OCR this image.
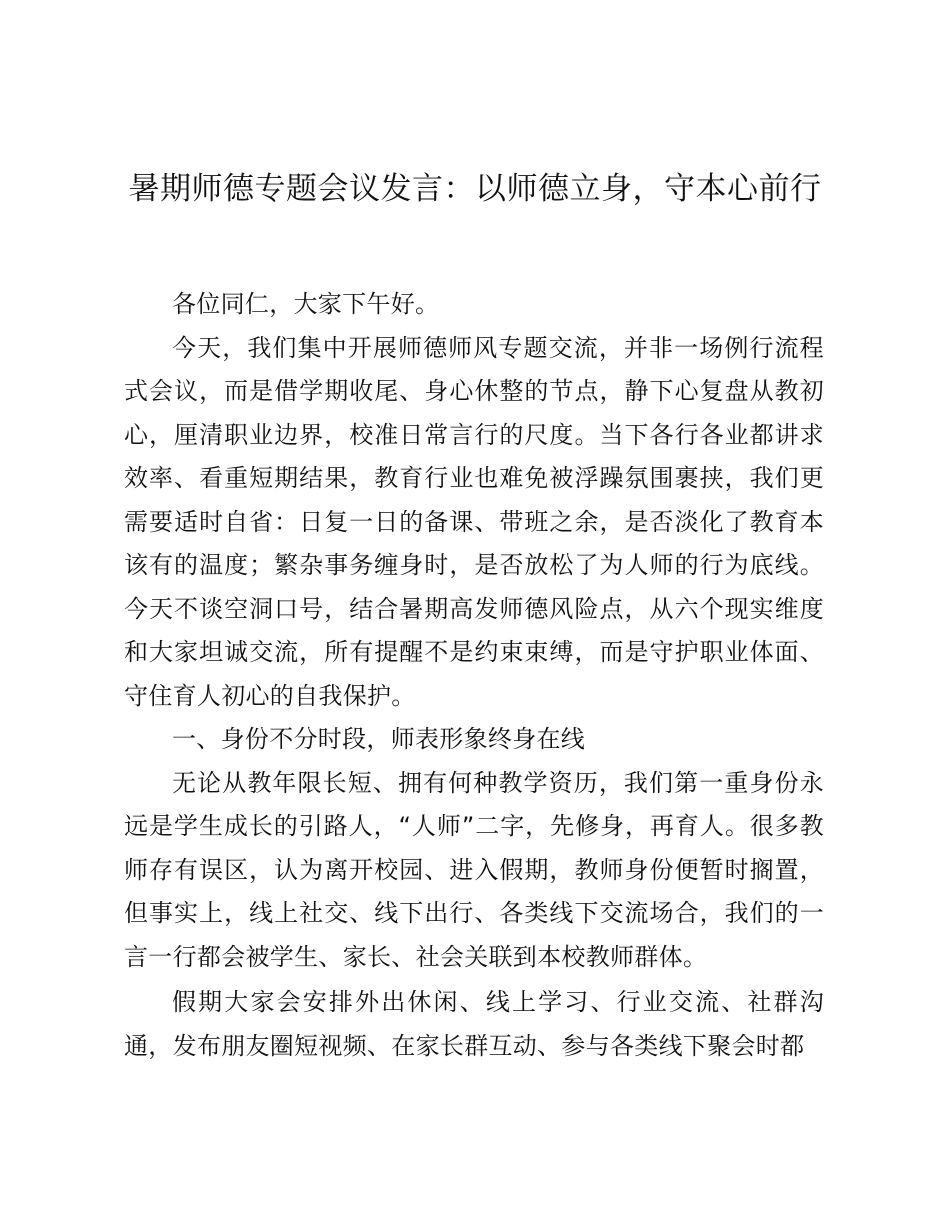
暑期师德专题会议发言：以师德立身，守本心前行

各位同仁，大家下午好。

今天，我们集中开展师德师风专题交流，并非一场例行流程式会议，而是借学期收尾、身心休整的节点，静下心复盘从教初心，厘清职业边界，校准日常言行的尺度。当下各行各业都讲求效率、看重短期结果，教育行业也难免被浮躁氛围裹挟，我们更需要适时自省：日复一日的备课、带班之余，是否淡化了教育本该有的温度；繁杂事务缠身时，是否放松了为人师的行为底线。今天不谈空洞口号，结合暑期高发师德风险点，从六个现实维度和大家坦诚交流，所有提醒不是约束束缚，而是守护职业体面、守住育人初心的自我保护。

一、身份不分时段，师表形象终身在线

无论从教年限长短、拥有何种教学资历，我们第一重身份永远是学生成长的引路人，“人师”二字，先修身，再育人。很多教师存有误区，认为离开校园、进入假期，教师身份便暂时搁置，但事实上，线上社交、线下出行、各类线下交流场合，我们的一言一行都会被学生、家长、社会关联到本校教师群体。

假期大家会安排外出休闲、线上学习、行业交流、社群沟通，发布朋友圈短视频、在家长群互动、参与各类线下聚会时都
